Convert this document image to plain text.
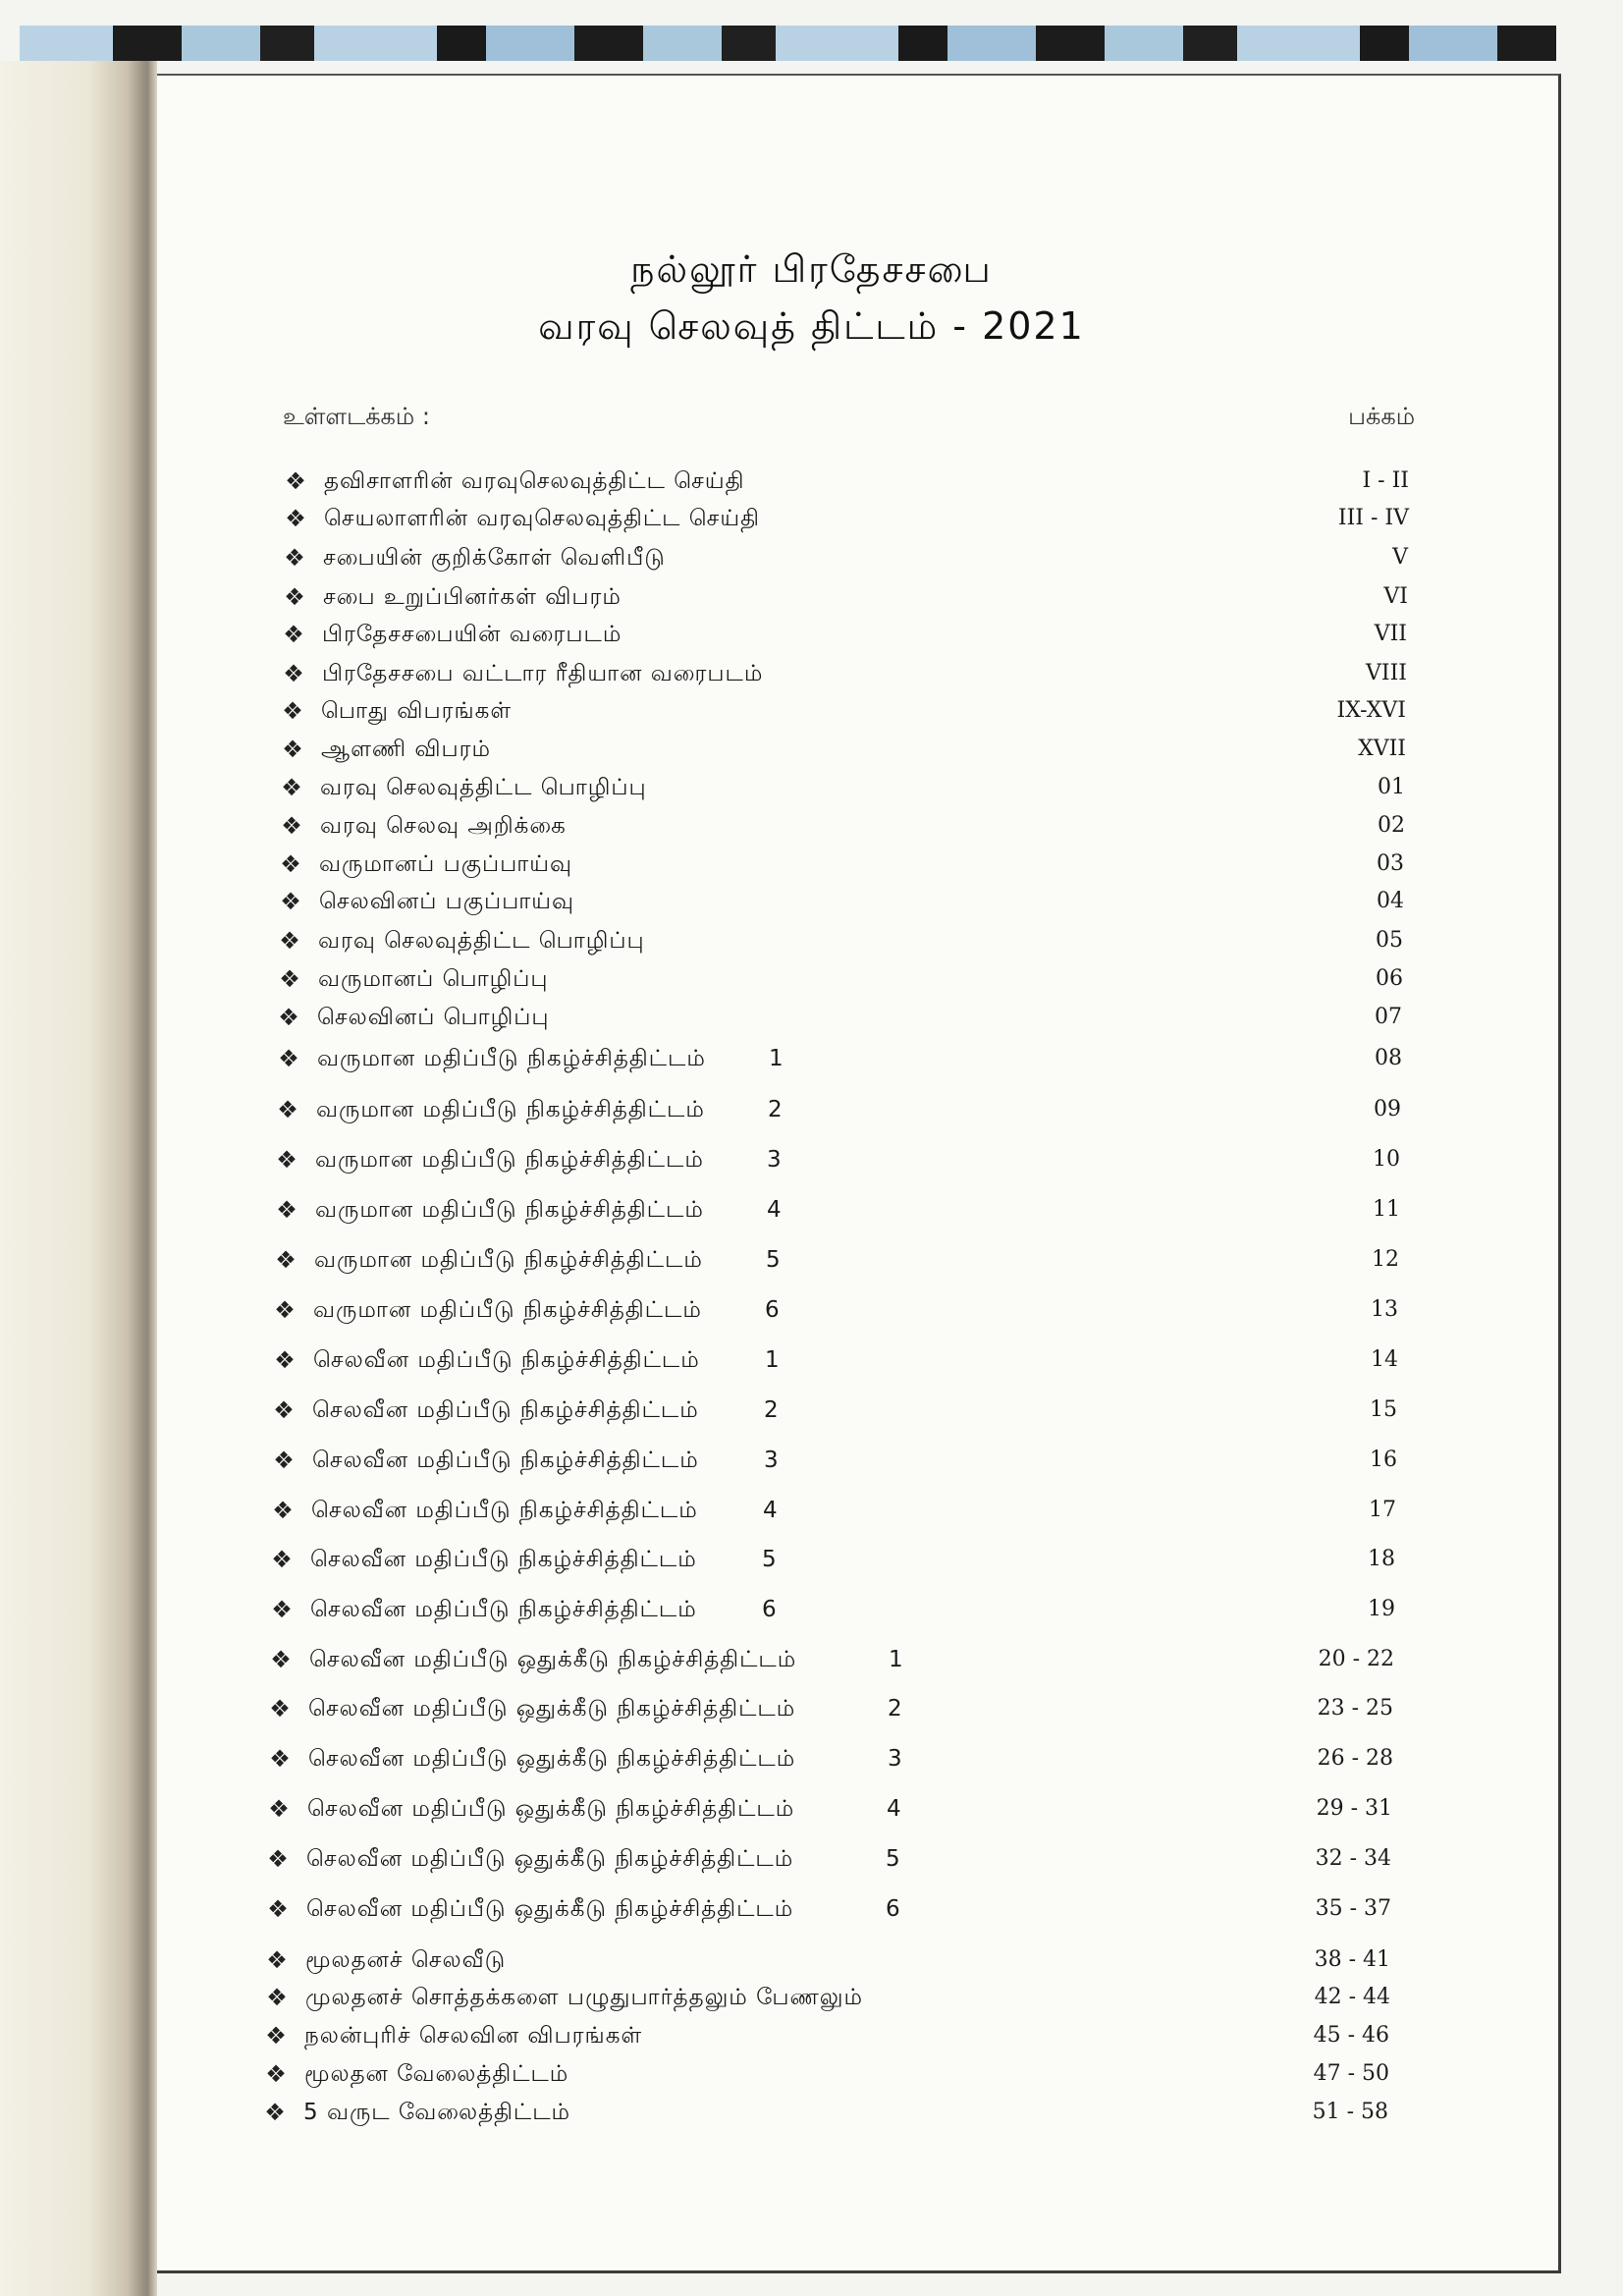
நல்லூர் பிரதேசசபை
வரவு செலவுத் திட்டம் - 2021
உள்ளடக்கம் :	பக்கம்
❖ தவிசாளரின் வரவுசெலவுத்திட்ட செய்தி	I - II
❖ செயலாளரின் வரவுசெலவுத்திட்ட செய்தி	III - IV
❖ சபையின் குறிக்கோள் வெளிபீடு	V
❖ சபை உறுப்பினர்கள் விபரம்	VI
❖ பிரதேசசபையின் வரைபடம்	VII
❖ பிரதேசசபை வட்டார ரீதியான வரைபடம்	VIII
❖ பொது விபரங்கள்	IX-XVI
❖ ஆளணி விபரம்	XVII
❖ வரவு செலவுத்திட்ட பொழிப்பு	01
❖ வரவு செலவு அறிக்கை	02
❖ வருமானப் பகுப்பாய்வு	03
❖ செலவினப் பகுப்பாய்வு	04
❖ வரவு செலவுத்திட்ட பொழிப்பு	05
❖ வருமானப் பொழிப்பு	06
❖ செலவினப் பொழிப்பு	07
❖ வருமான மதிப்பீடு நிகழ்ச்சித்திட்டம்	1	08
❖ வருமான மதிப்பீடு நிகழ்ச்சித்திட்டம்	2	09
❖ வருமான மதிப்பீடு நிகழ்ச்சித்திட்டம்	3	10
❖ வருமான மதிப்பீடு நிகழ்ச்சித்திட்டம்	4	11
❖ வருமான மதிப்பீடு நிகழ்ச்சித்திட்டம்	5	12
❖ வருமான மதிப்பீடு நிகழ்ச்சித்திட்டம்	6	13
❖ செலவீன மதிப்பீடு நிகழ்ச்சித்திட்டம்	1	14
❖ செலவீன மதிப்பீடு நிகழ்ச்சித்திட்டம்	2	15
❖ செலவீன மதிப்பீடு நிகழ்ச்சித்திட்டம்	3	16
❖ செலவீன மதிப்பீடு நிகழ்ச்சித்திட்டம்	4	17
❖ செலவீன மதிப்பீடு நிகழ்ச்சித்திட்டம்	5	18
❖ செலவீன மதிப்பீடு நிகழ்ச்சித்திட்டம்	6	19
❖ செலவீன மதிப்பீடு ஒதுக்கீடு நிகழ்ச்சித்திட்டம்	1	20 - 22
❖ செலவீன மதிப்பீடு ஒதுக்கீடு நிகழ்ச்சித்திட்டம்	2	23 - 25
❖ செலவீன மதிப்பீடு ஒதுக்கீடு நிகழ்ச்சித்திட்டம்	3	26 - 28
❖ செலவீன மதிப்பீடு ஒதுக்கீடு நிகழ்ச்சித்திட்டம்	4	29 - 31
❖ செலவீன மதிப்பீடு ஒதுக்கீடு நிகழ்ச்சித்திட்டம்	5	32 - 34
❖ செலவீன மதிப்பீடு ஒதுக்கீடு நிகழ்ச்சித்திட்டம்	6	35 - 37
❖ மூலதனச் செலவீடு	38 - 41
❖ முலதனச் சொத்தக்களை பழுதுபார்த்தலும் பேணலும்	42 - 44
❖ நலன்புரிச் செலவின விபரங்கள்	45 - 46
❖ மூலதன வேலைத்திட்டம்	47 - 50
❖ 5 வருட வேலைத்திட்டம்	51 - 58
